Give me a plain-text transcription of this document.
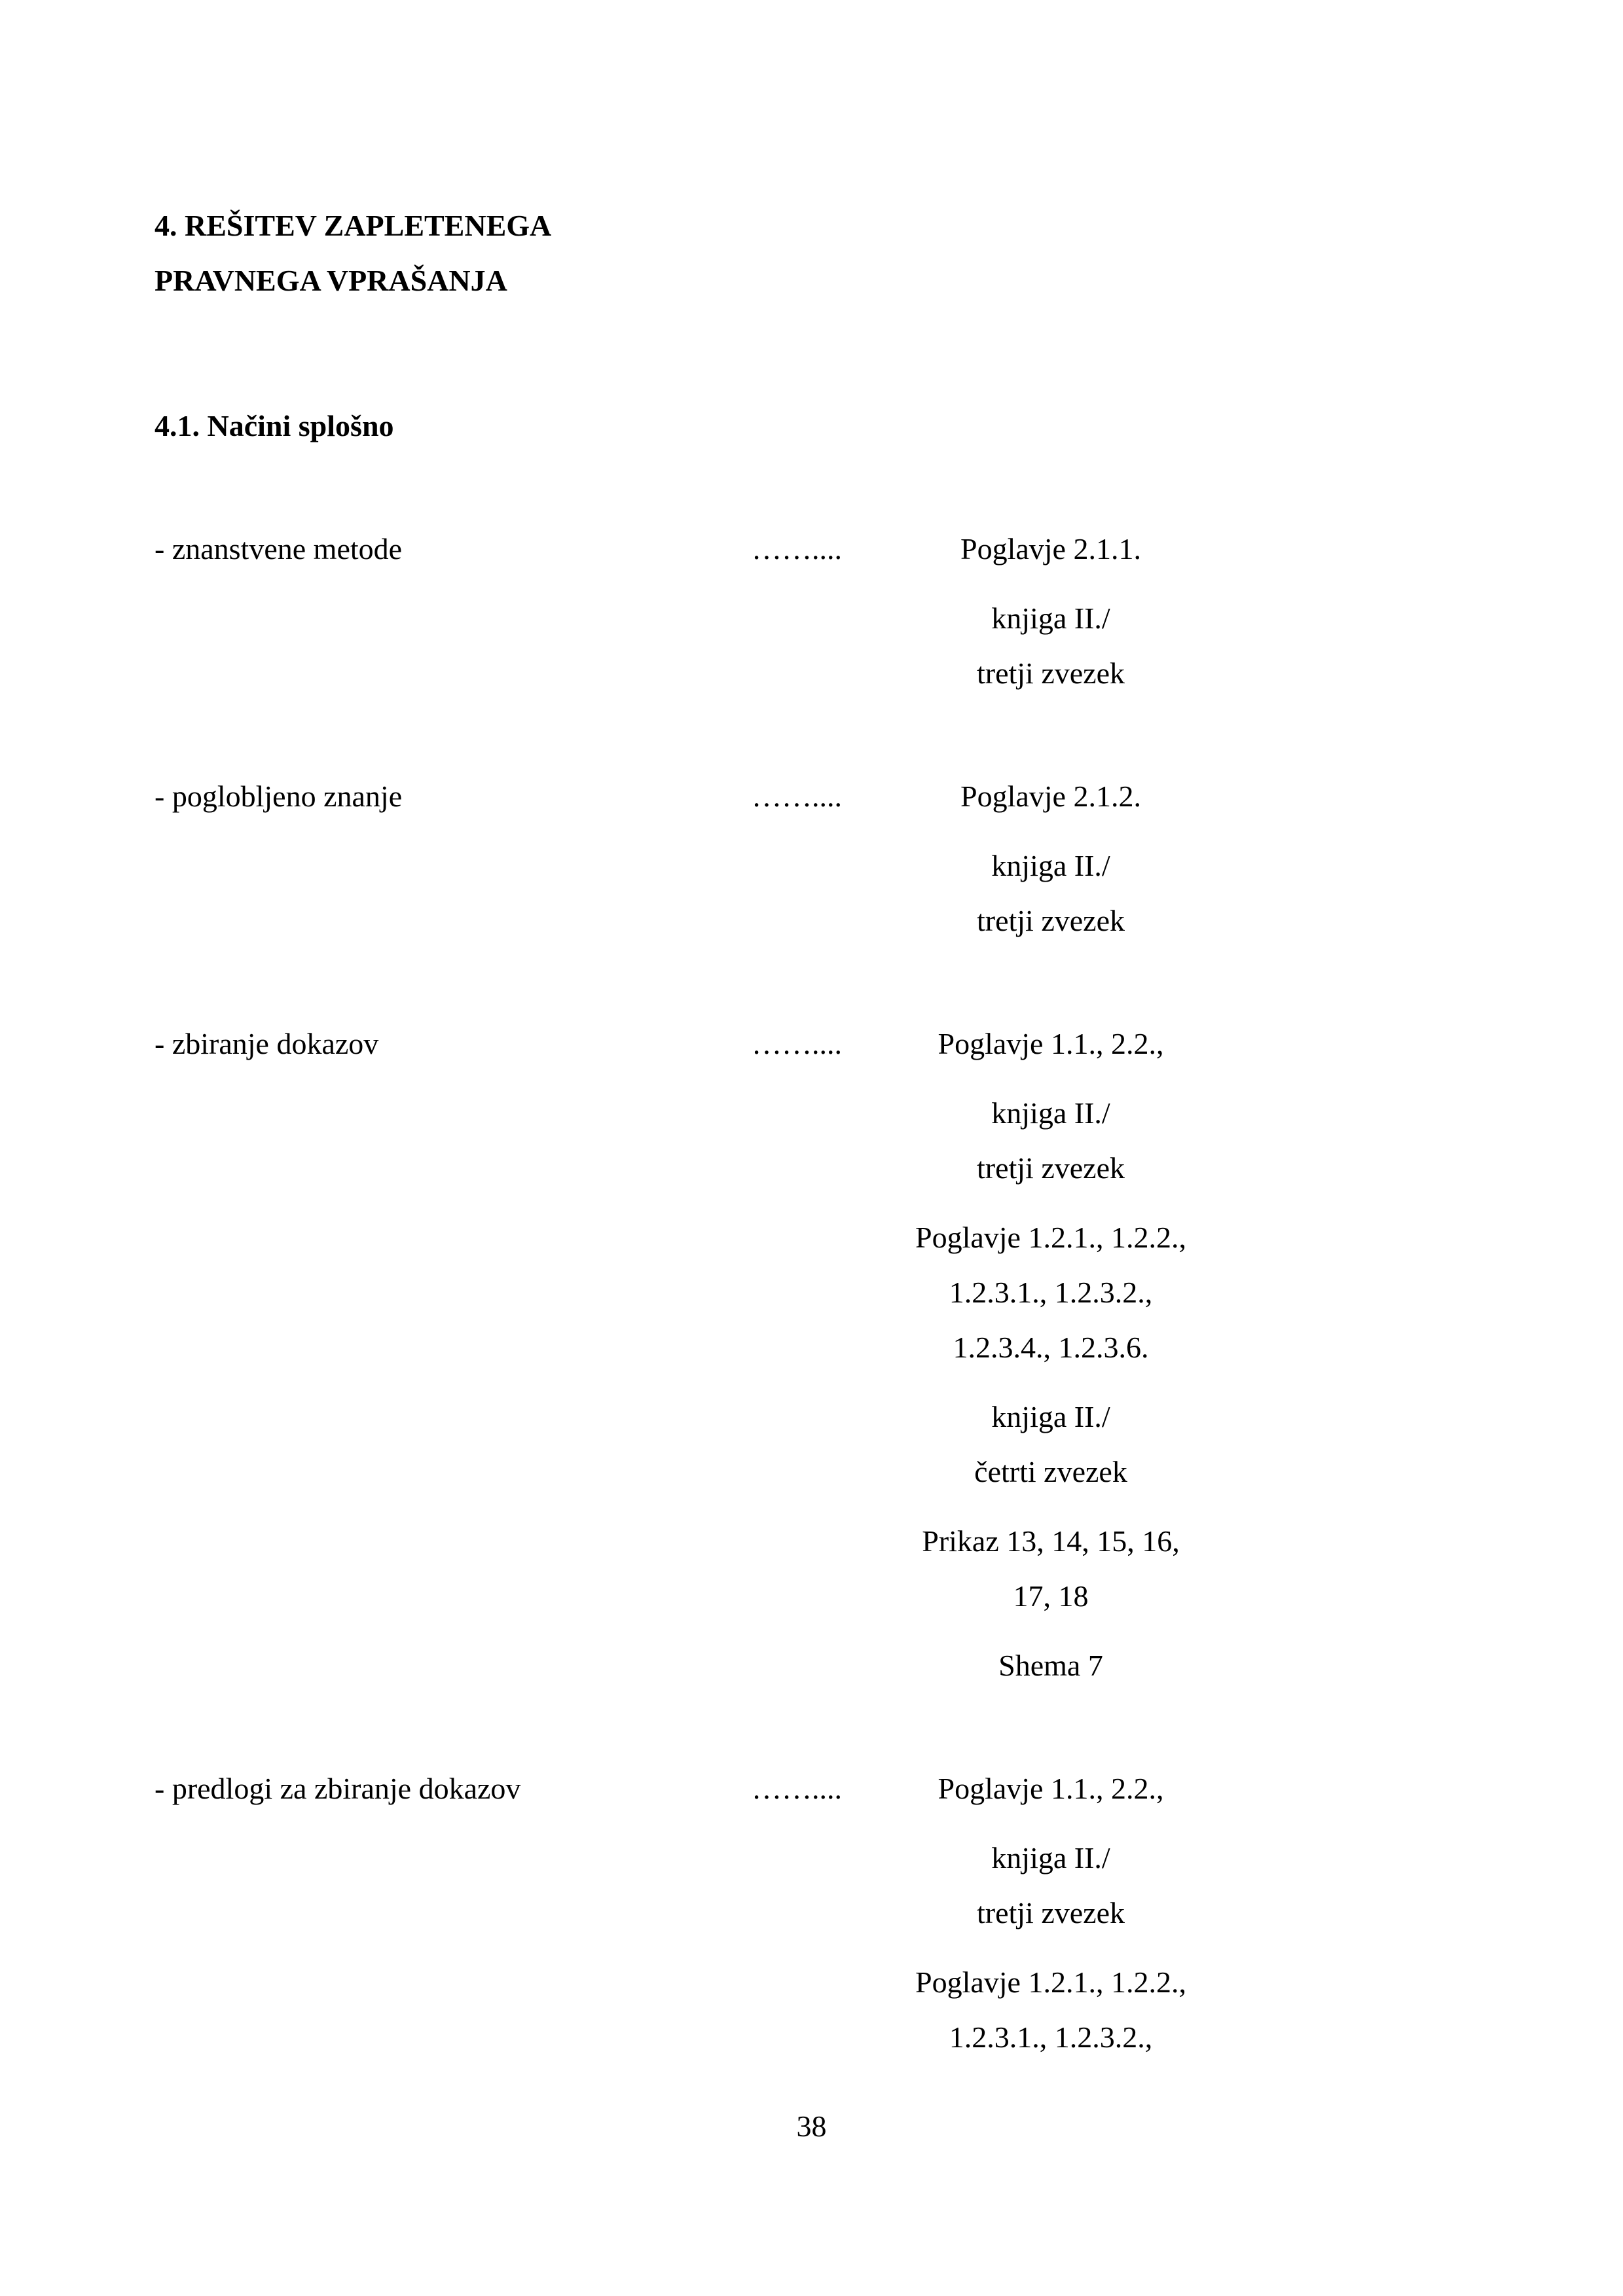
4. REŠITEV ZAPLETENEGA
PRAVNEGA VPRAŠANJA
4.1. Načini splošno
- znanstvene metode	……....	Poglavje 2.1.1.
knjiga II./
tretji zvezek
- poglobljeno znanje	……....	Poglavje 2.1.2.
knjiga II./
tretji zvezek
- zbiranje dokazov	……....	Poglavje 1.1., 2.2.,
knjiga II./
tretji zvezek
Poglavje 1.2.1., 1.2.2.,
1.2.3.1., 1.2.3.2.,
1.2.3.4., 1.2.3.6.
knjiga II./
četrti zvezek
Prikaz 13, 14, 15, 16,
17, 18
Shema 7
- predlogi za zbiranje dokazov	……....	Poglavje 1.1., 2.2.,
knjiga II./
tretji zvezek
Poglavje 1.2.1., 1.2.2.,
1.2.3.1., 1.2.3.2.,
38
